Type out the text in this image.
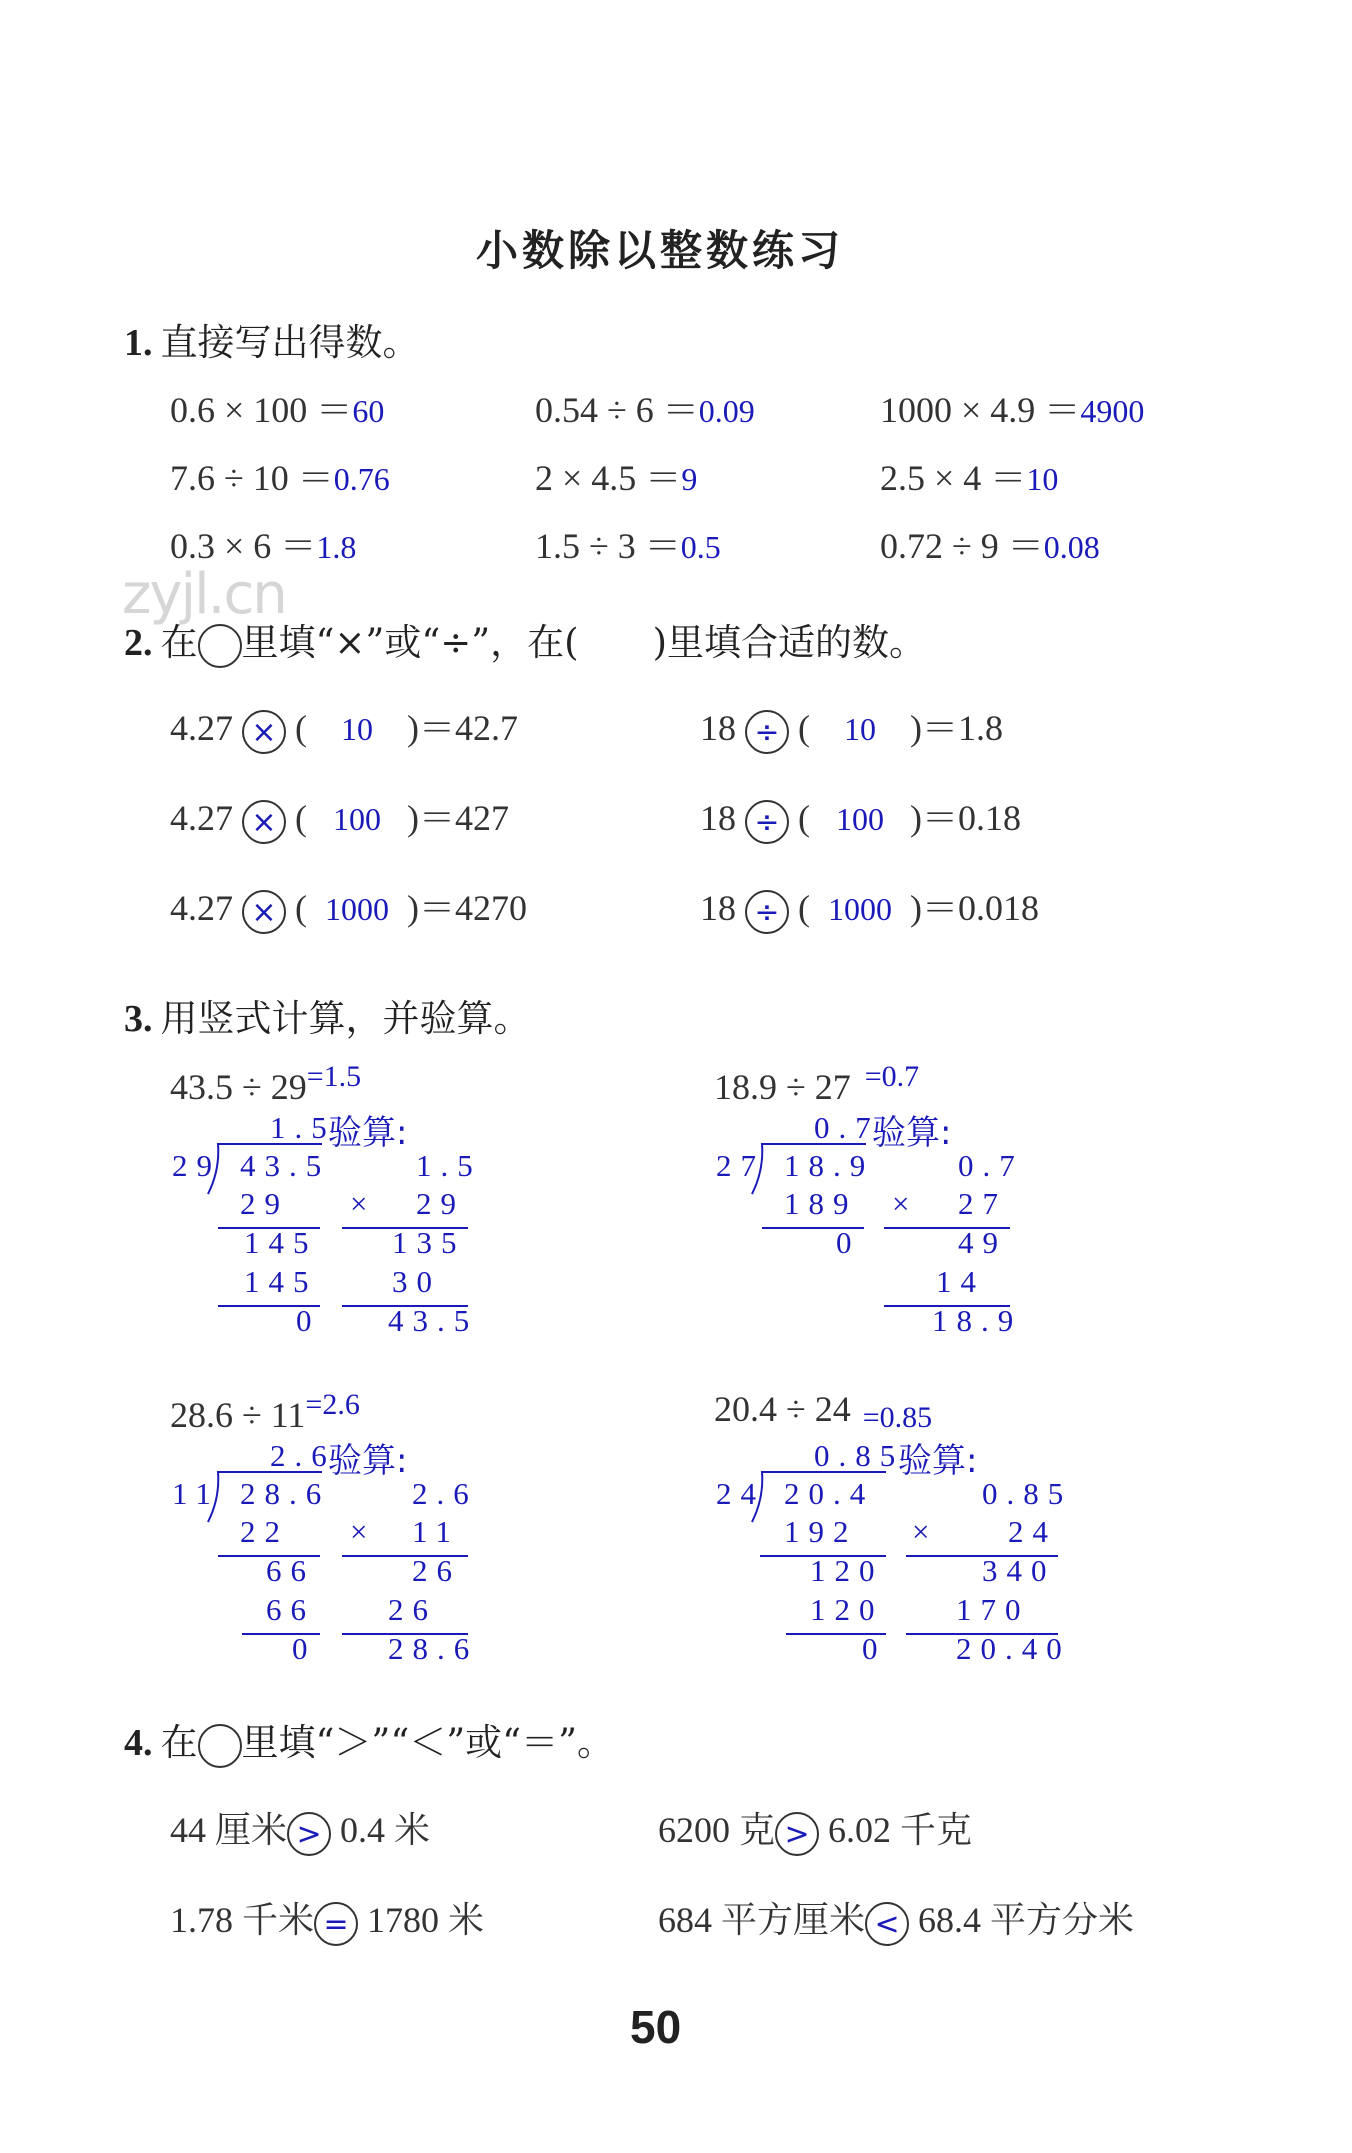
小数除以整数练习
zyjl.cn
1. 直接写出得数。
0.6 × 100 ＝60	0.54 ÷ 6 ＝0.09	1000 × 4.9 ＝4900
7.6 ÷ 10 ＝0.76	2 × 4.5 ＝9	2.5 × 4 ＝10
0.3 × 6 ＝1.8	1.5 ÷ 3 ＝0.5	0.72 ÷ 9 ＝0.08
2. 在 里填“×”或“÷”，在(　　)里填合适的数。
4.27 × ( 10 )＝42.7	18 ÷ ( 10 )＝1.8
4.27 × ( 100 )＝427	18 ÷ ( 100 )＝0.18
4.27 × ( 1000 )＝4270	18 ÷ ( 1000 )＝0.018
3. 用竖式计算，并验算。
$43.5 \div 29^{=1.5}$
1.5
验算:
29 43.5
29
145
145
0
1.5
× 29
135
30
43.5
18.9 ÷ 27 $^{=0.7}$
0.7
验算:
27 18.9
189
0
0.7
× 27
49
14
18.9
$28.6 \div 11^{=2.6}$
2.6
验算:
11 28.6
22
66
66
0
2.6
× 11
26
26
28.6
20.4 ÷ 24 =0.85
0.85
验算:
24 20.4
192
120
120
0
0.85
× 24
340
170
20.40
4. 在 里填“＞”“＜”或“＝”。
44 厘米 > 0.4 米	6200 克 > 6.02 千克
1.78 千米 = 1780 米	684 平方厘米 < 68.4 平方分米
50
